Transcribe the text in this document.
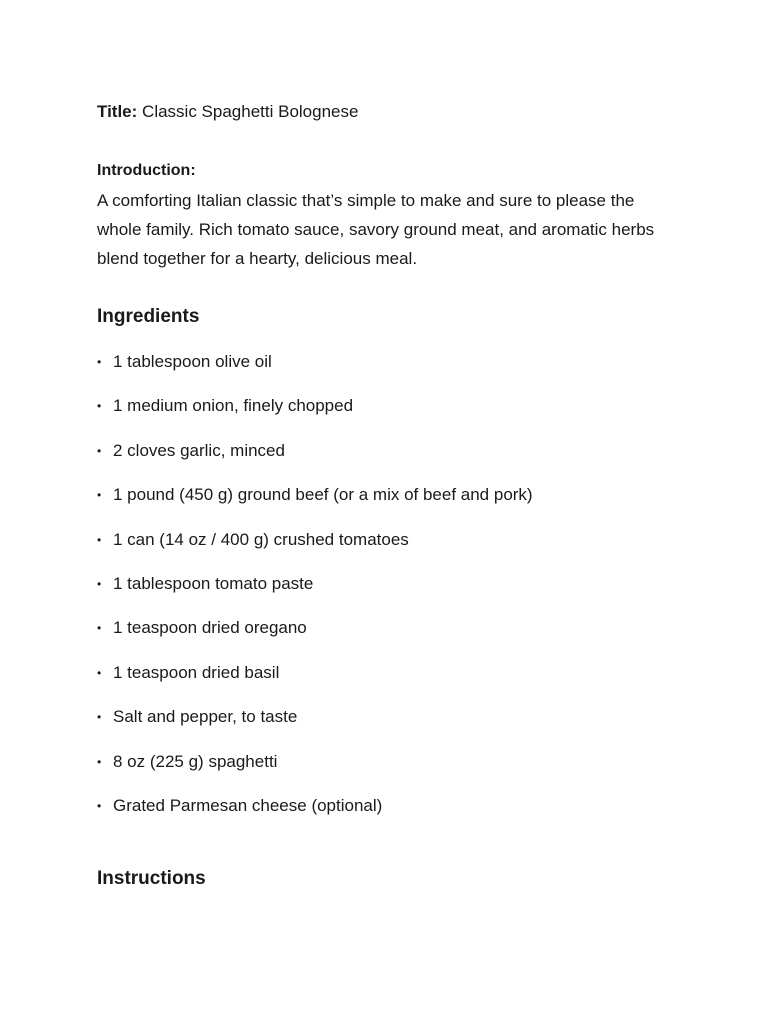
Title: Classic Spaghetti Bolognese
Introduction:
A comforting Italian classic that’s simple to make and sure to please the whole family. Rich tomato sauce, savory ground meat, and aromatic herbs blend together for a hearty, delicious meal.
Ingredients
• 1 tablespoon olive oil
• 1 medium onion, finely chopped
• 2 cloves garlic, minced
• 1 pound (450 g) ground beef (or a mix of beef and pork)
• 1 can (14 oz / 400 g) crushed tomatoes
• 1 tablespoon tomato paste
• 1 teaspoon dried oregano
• 1 teaspoon dried basil
• Salt and pepper, to taste
• 8 oz (225 g) spaghetti
• Grated Parmesan cheese (optional)
Instructions
